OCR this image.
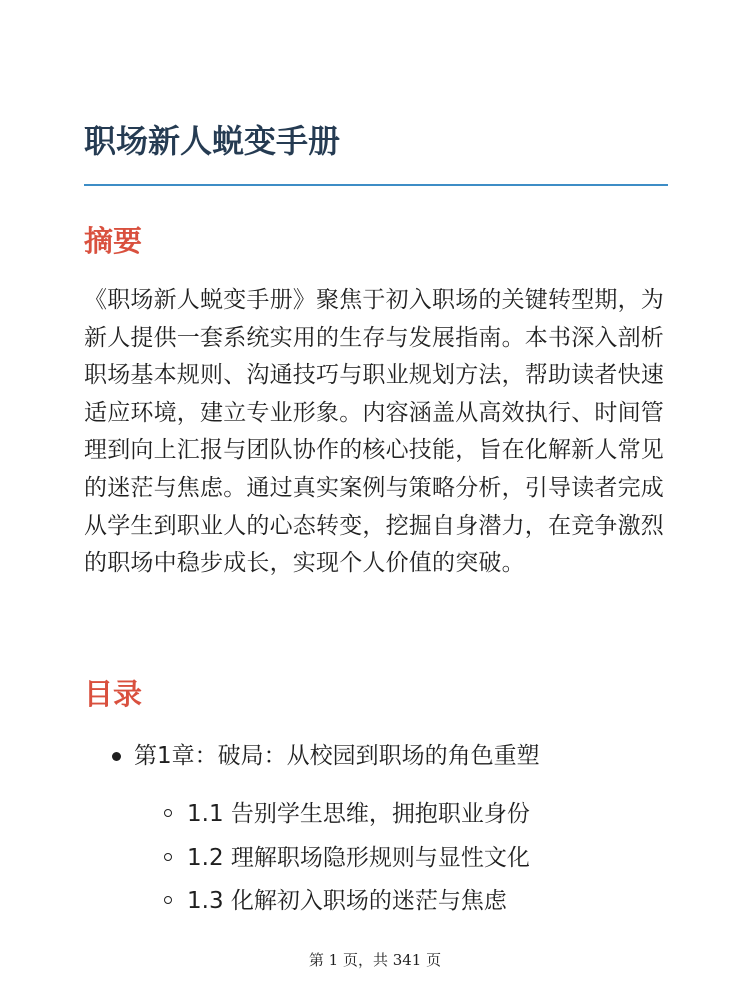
职场新人蜕变手册
摘要

《职场新人蜕变手册》聚焦于初入职场的关键转型期，为新人提供一套系统实用的生存与发展指南。本书深入剖析职场基本规则、沟通技巧与职业规划方法，帮助读者快速适应环境，建立专业形象。内容涵盖从高效执行、时间管理到向上汇报与团队协作的核心技能，旨在化解新人常见的迷茫与焦虑。通过真实案例与策略分析，引导读者完成从学生到职业人的心态转变，挖掘自身潜力，在竞争激烈的职场中稳步成长，实现个人价值的突破。

目录
第1章：破局：从校园到职场的角色重塑
1.1 告别学生思维，拥抱职业身份
1.2 理解职场隐形规则与显性文化
1.3 化解初入职场的迷茫与焦虑
第 1 页，共 341 页
